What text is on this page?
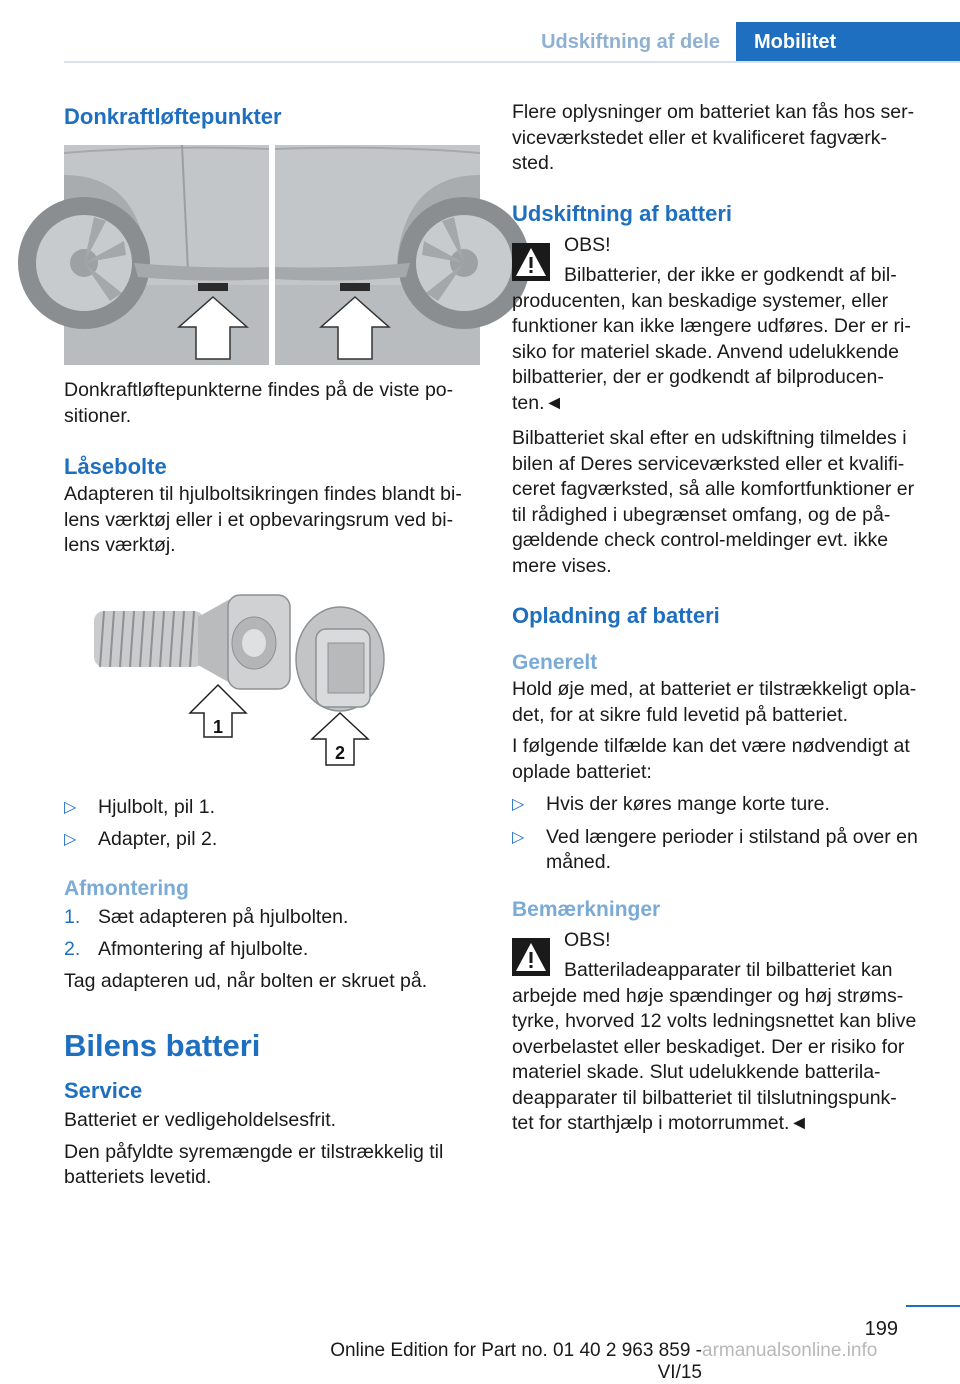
Udskiftning af dele	Mobilitet
Donkraftløftepunkter

Donkraftløftepunkterne findes på de viste po-
sitioner.

Låsebolte

Adapteren til hjulboltsikringen findes blandt bi-
lens værktøj eller i et opbevaringsrum ved bi-
lens værktøj.

1
2
▷ Hjulbolt, pil 1.
▷ Adapter, pil 2.
Afmontering
1. Sæt adapteren på hjulbolten.
2. Afmontering af hjulbolte.

Tag adapteren ud, når bolten er skruet på.

Bilens batteri
Service

Batteriet er vedligeholdelsesfrit.

Den påfyldte syremængde er tilstrækkelig til
batteriets levetid.

Flere oplysninger om batteriet kan fås hos ser-
viceværkstedet eller et kvalificeret fagværk-
sted.

Udskiftning af batteri

OBS!

Bilbatterier, der ikke er godkendt af bil-
producenten, kan beskadige systemer, eller
funktioner kan ikke længere udføres. Der er ri-
siko for materiel skade. Anvend udelukkende
bilbatterier, der er godkendt af bilproducen-
ten.◄

Bilbatteriet skal efter en udskiftning tilmeldes i
bilen af Deres serviceværksted eller et kvalifi-
ceret fagværksted, så alle komfortfunktioner er
til rådighed i ubegrænset omfang, og de på-
gældende check control-meldinger evt. ikke
mere vises.

Opladning af batteri
Generelt

Hold øje med, at batteriet er tilstrækkeligt opla-
det, for at sikre fuld levetid på batteriet.

I følgende tilfælde kan det være nødvendigt at
oplade batteriet:

▷ Hvis der køres mange korte ture.
▷ Ved længere perioder i stilstand på over en
måned.
Bemærkninger

OBS!

Batteriladeapparater til bilbatteriet kan
arbejde med høje spændinger og høj strøms-
tyrke, hvorved 12 volts ledningsnettet kan blive
overbelastet eller beskadiget. Der er risiko for
materiel skade. Slut udelukkende batterila-
deapparater til bilbatteriet til tilslutningspunk-
tet for starthjælp i motorrummet.◄

199
Online Edition for Part no. 01 40 2 963 859 - VI/15
armanualsonline.info
